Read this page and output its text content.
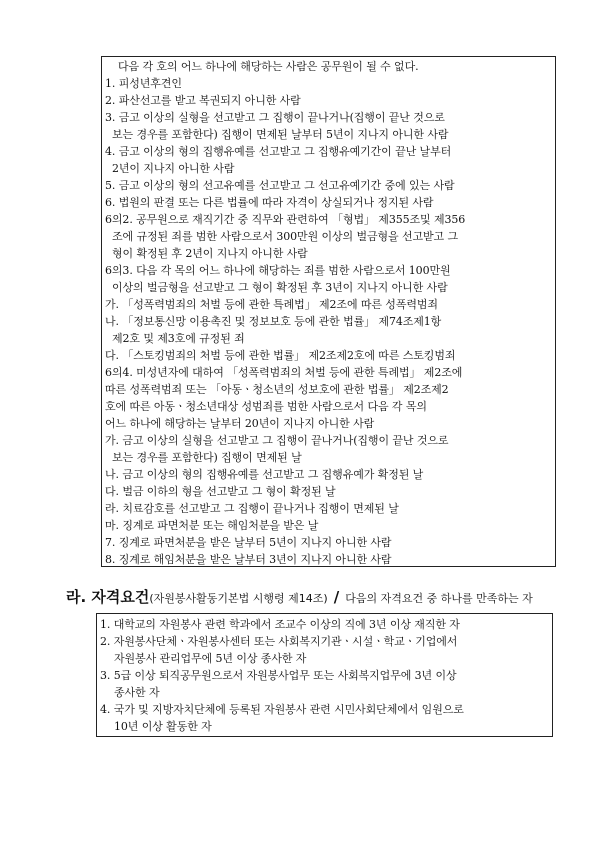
다음 각 호의 어느 하나에 해당하는 사람은 공무원이 될 수 없다.
1. 피성년후견인
2. 파산선고를 받고 복권되지 아니한 사람
3. 금고 이상의 실형을 선고받고 그 집행이 끝나거나(집행이 끝난 것으로
보는 경우를 포함한다) 집행이 면제된 날부터 5년이 지나지 아니한 사람
4. 금고 이상의 형의 집행유예를 선고받고 그 집행유예기간이 끝난 날부터
2년이 지나지 아니한 사람
5. 금고 이상의 형의 선고유예를 선고받고 그 선고유예기간 중에 있는 사람
6. 법원의 판결 또는 다른 법률에 따라 자격이 상실되거나 정지된 사람
6의2. 공무원으로 재직기간 중 직무와 관련하여 「형법」 제355조및 제356
조에 규정된 죄를 범한 사람으로서 300만원 이상의 벌금형을 선고받고 그
형이 확정된 후 2년이 지나지 아니한 사람
6의3. 다음 각 목의 어느 하나에 해당하는 죄를 범한 사람으로서 100만원
이상의 벌금형을 선고받고 그 형이 확정된 후 3년이 지나지 아니한 사람
가. 「성폭력범죄의 처벌 등에 관한 특례법」 제2조에 따른 성폭력범죄
나. 「정보통신망 이용촉진 및 정보보호 등에 관한 법률」 제74조제1항
제2호 및 제3호에 규정된 죄
다. 「스토킹범죄의 처벌 등에 관한 법률」 제2조제2호에 따른 스토킹범죄
6의4. 미성년자에 대하여 「성폭력범죄의 처벌 등에 관한 특례법」 제2조에
따른 성폭력범죄 또는 「아동ㆍ청소년의 성보호에 관한 법률」 제2조제2
호에 따른 아동ㆍ청소년대상 성범죄를 범한 사람으로서 다음 각 목의
어느 하나에 해당하는 날부터 20년이 지나지 아니한 사람
가. 금고 이상의 실형을 선고받고 그 집행이 끝나거나(집행이 끝난 것으로
보는 경우를 포함한다) 집행이 면제된 날
나. 금고 이상의 형의 집행유예를 선고받고 그 집행유예가 확정된 날
다. 벌금 이하의 형을 선고받고 그 형이 확정된 날
라. 치료감호를 선고받고 그 집행이 끝나거나 집행이 면제된 날
마. 징계로 파면처분 또는 해임처분을 받은 날
7. 징계로 파면처분을 받은 날부터 5년이 지나지 아니한 사람
8. 징계로 해임처분을 받은 날부터 3년이 지나지 아니한 사람
라. 자격요건(자원봉사활동기본법 시행령 제14조) / 다음의 자격요건 중 하나를 만족하는 자
1. 대학교의 자원봉사 관련 학과에서 조교수 이상의 직에 3년 이상 재직한 자
2. 자원봉사단체ㆍ자원봉사센터 또는 사회복지기관ㆍ시설ㆍ학교ㆍ기업에서
자원봉사 관리업무에 5년 이상 종사한 자
3. 5급 이상 퇴직공무원으로서 자원봉사업무 또는 사회복지업무에 3년 이상
종사한 자
4. 국가 및 지방자치단체에 등록된 자원봉사 관련 시민사회단체에서 임원으로
10년 이상 활동한 자
